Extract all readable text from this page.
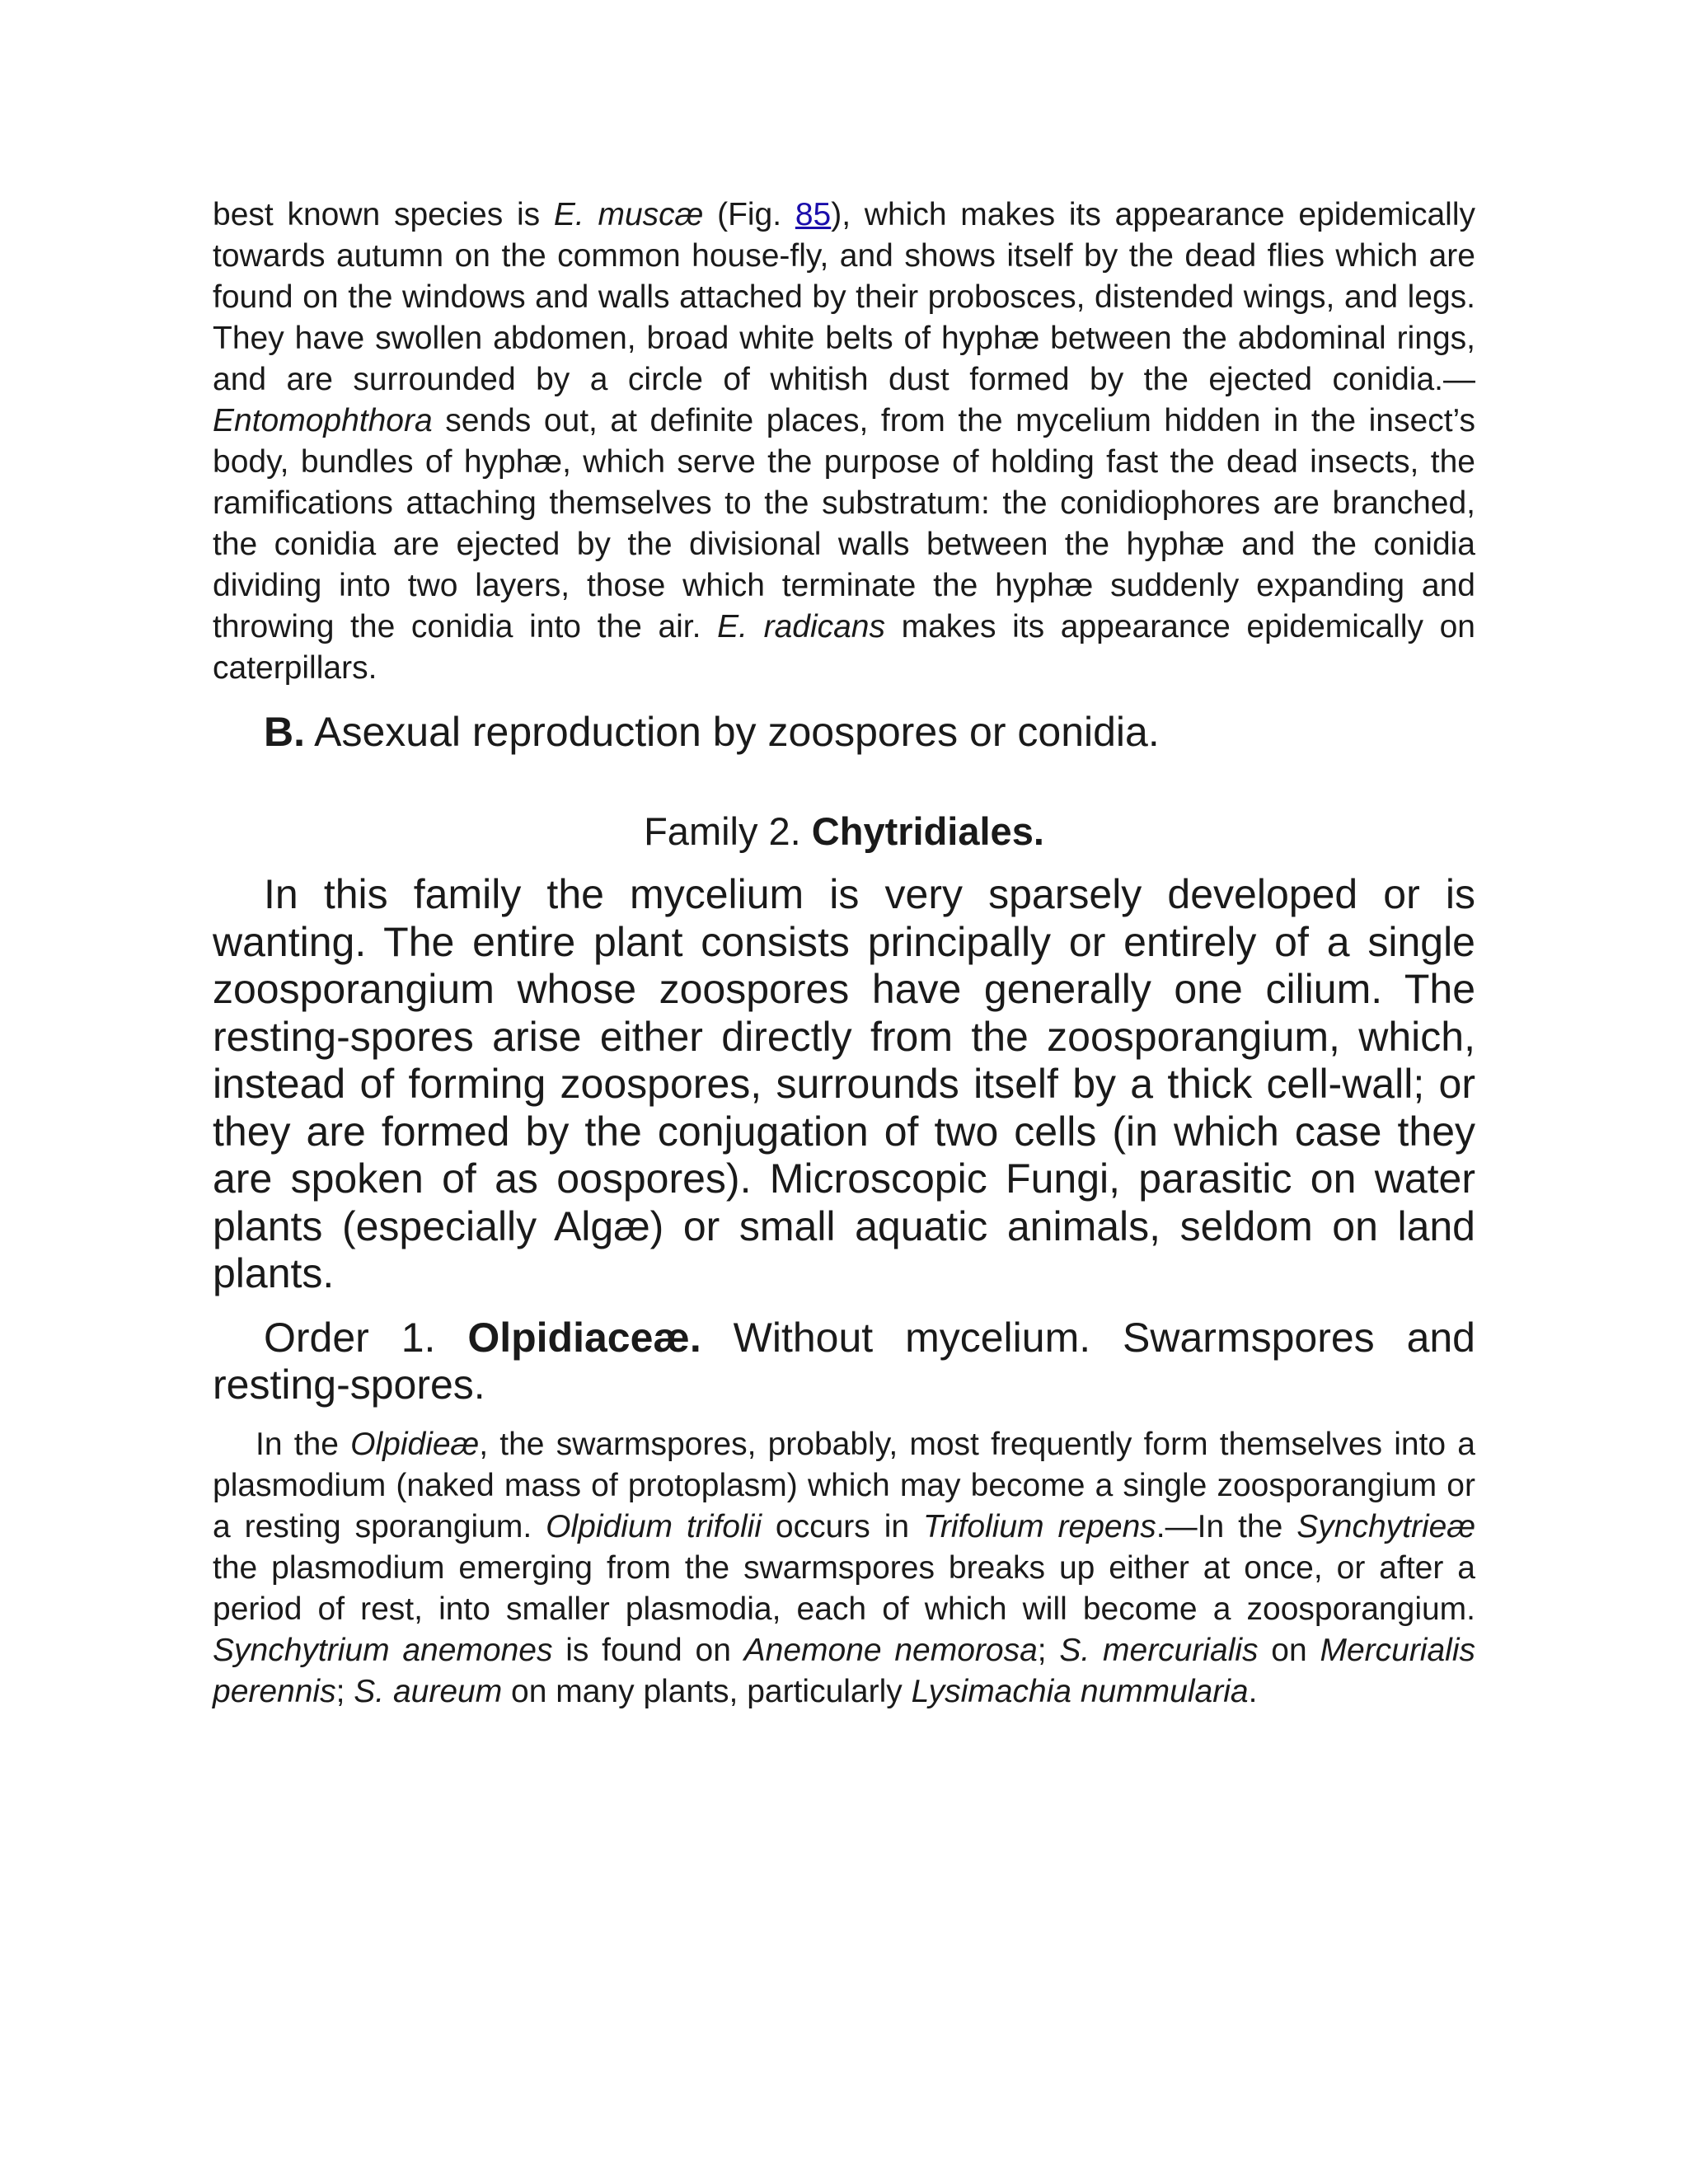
best known species is E. muscæ (Fig. 85), which makes its appearance epidemically towards autumn on the common house-fly, and shows itself by the dead flies which are found on the windows and walls attached by their probosces, distended wings, and legs. They have swollen abdomen, broad white belts of hyphæ between the abdominal rings, and are surrounded by a circle of whitish dust formed by the ejected conidia.—Entomophthora sends out, at definite places, from the mycelium hidden in the insect’s body, bundles of hyphæ, which serve the purpose of holding fast the dead insects, the ramifications attaching themselves to the substratum: the conidiophores are branched, the conidia are ejected by the divisional walls between the hyphæ and the conidia dividing into two layers, those which terminate the hyphæ suddenly expanding and throwing the conidia into the air. E. radicans makes its appearance epidemically on caterpillars.

B. Asexual reproduction by zoospores or conidia.

Family 2. Chytridiales.

In this family the mycelium is very sparsely developed or is wanting. The entire plant consists principally or entirely of a single zoosporangium whose zoospores have generally one cilium. The resting-spores arise either directly from the zoosporangium, which, instead of forming zoospores, surrounds itself by a thick cell-wall; or they are formed by the conjugation of two cells (in which case they are spoken of as oospores). Microscopic Fungi, parasitic on water plants (especially Algæ) or small aquatic animals, seldom on land plants.

Order 1. Olpidiaceæ. Without mycelium. Swarmspores and resting-spores.

In the Olpidieæ, the swarmspores, probably, most frequently form themselves into a plasmodium (naked mass of protoplasm) which may become a single zoosporangium or a resting sporangium. Olpidium trifolii occurs in Trifolium repens.—In the Synchytrieæ the plasmodium emerging from the swarmspores breaks up either at once, or after a period of rest, into smaller plasmodia, each of which will become a zoosporangium. Synchytrium anemones is found on Anemone nemorosa; S. mercurialis on Mercurialis perennis; S. aureum on many plants, particularly Lysimachia nummularia.
